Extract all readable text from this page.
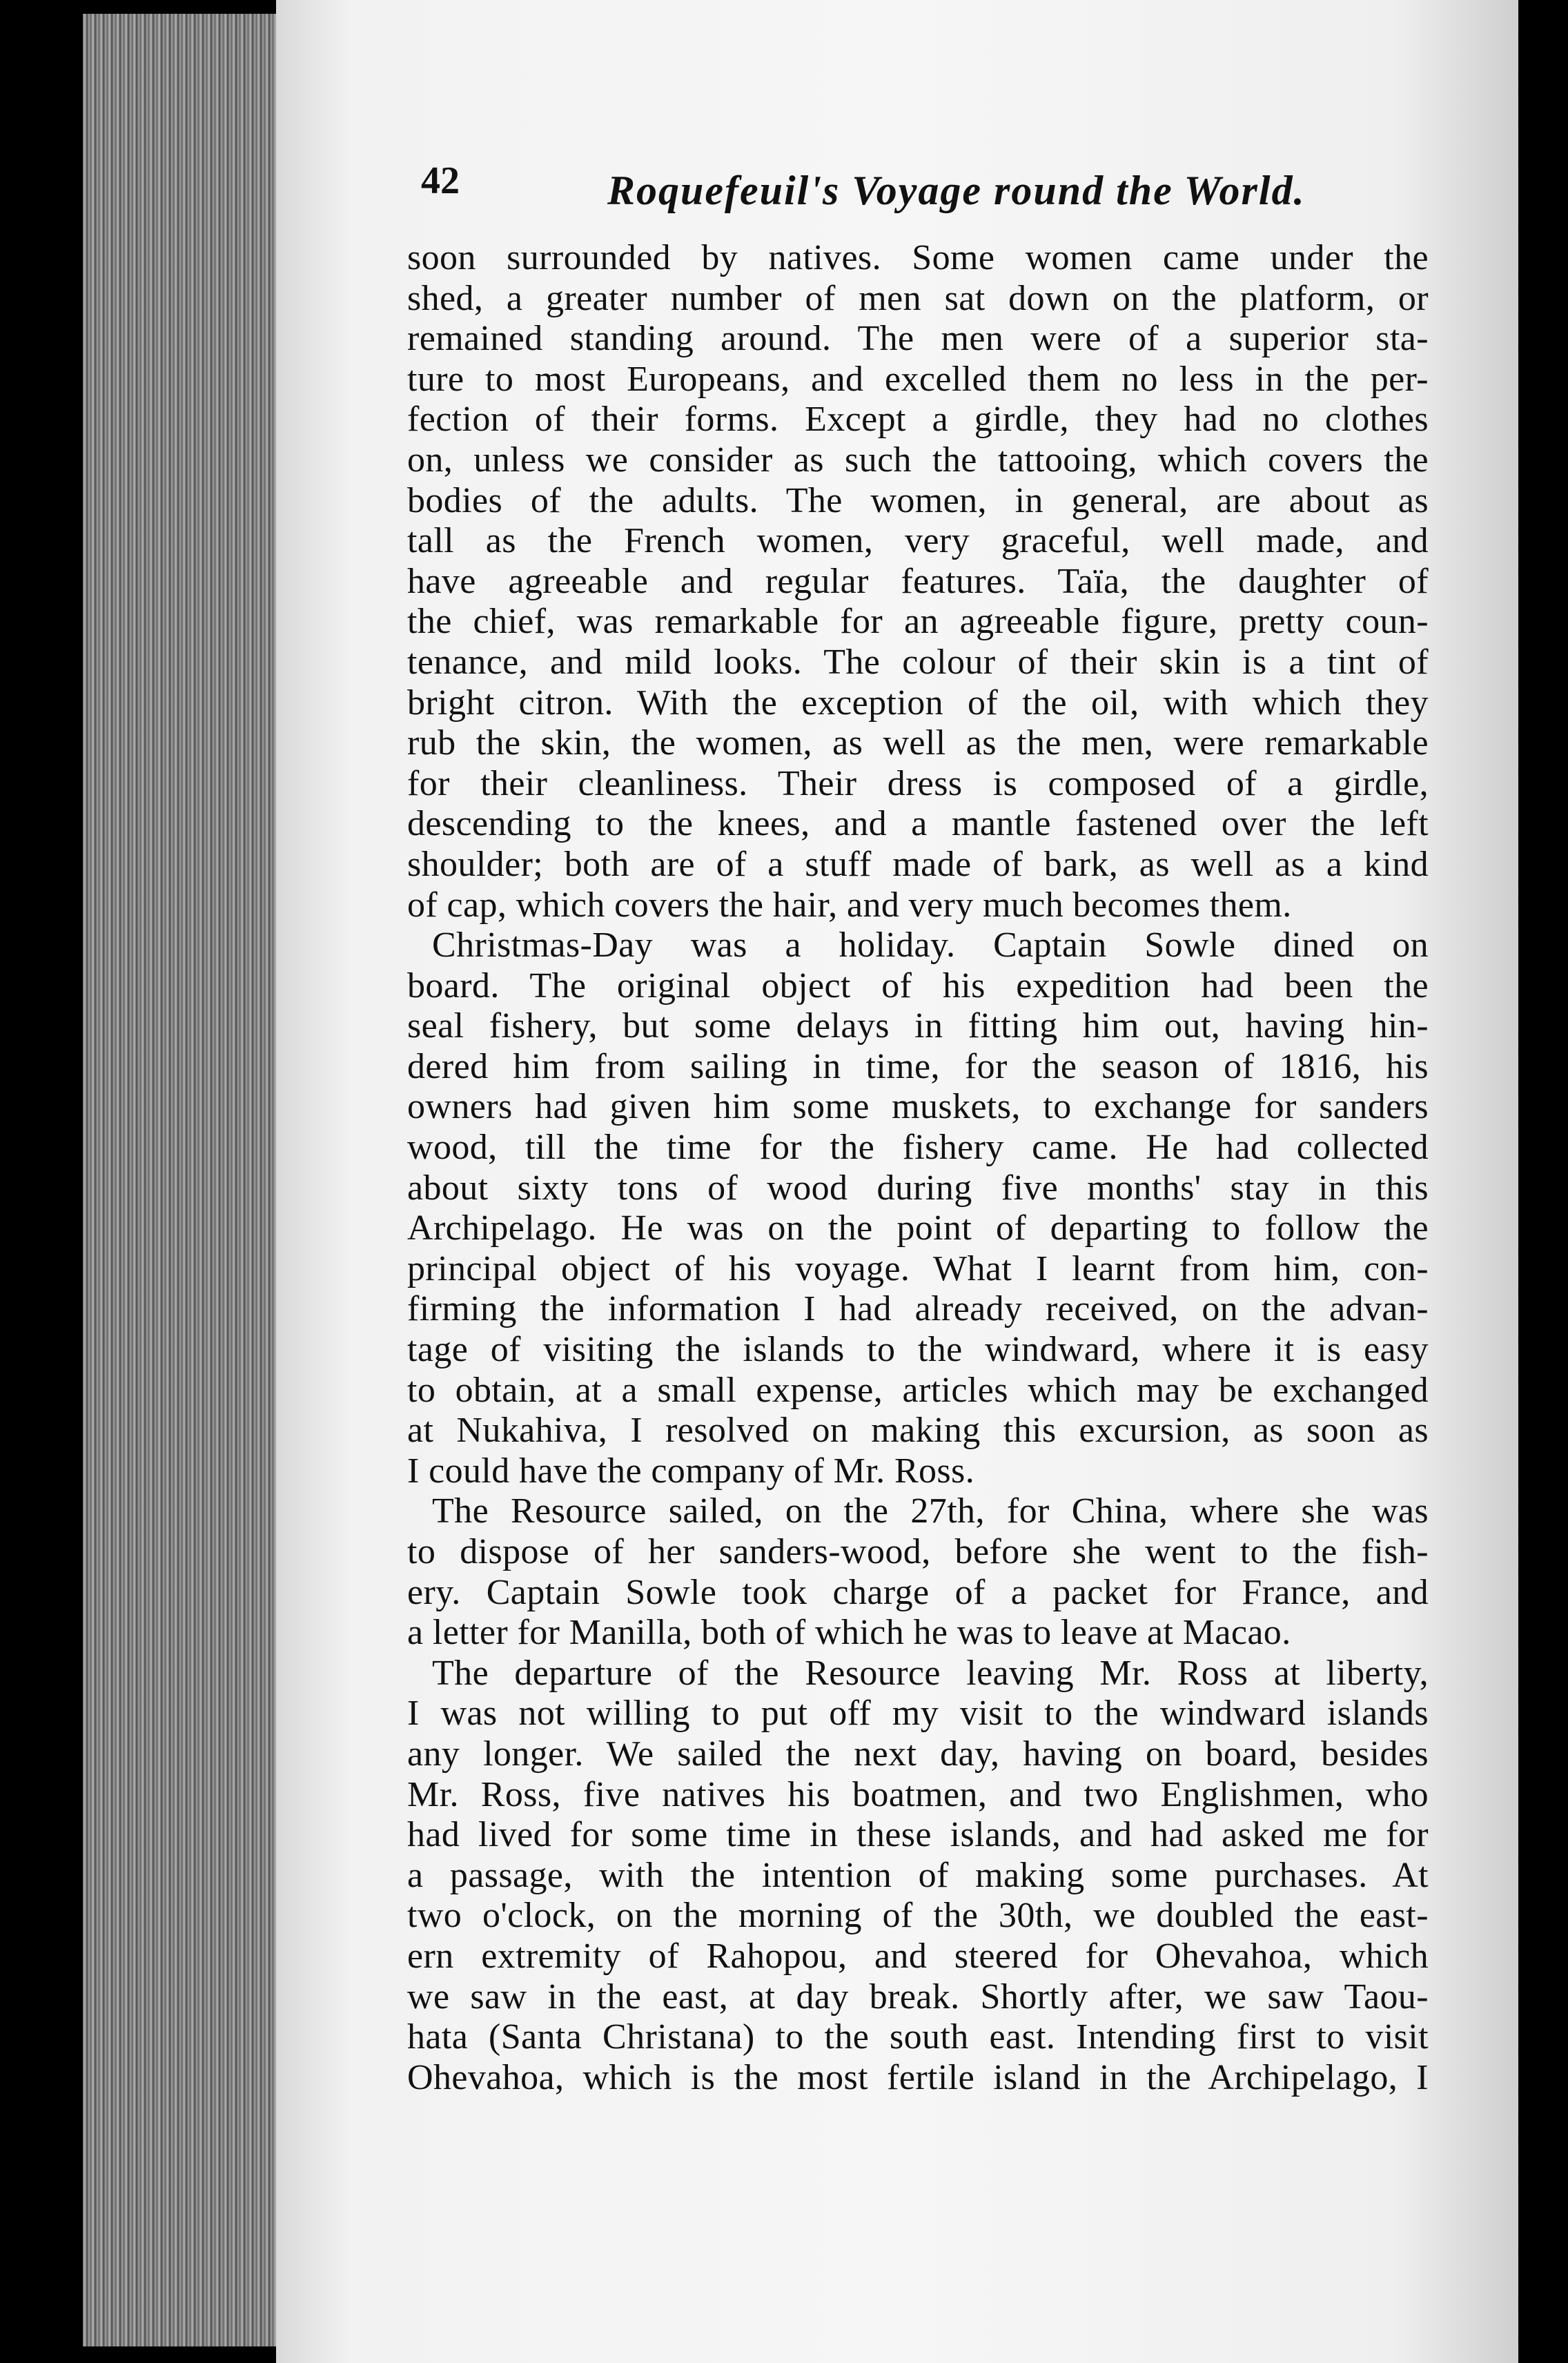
42	Roquefeuil's Voyage round the World.
soon surrounded by natives. Some women came under the
shed, a greater number of men sat down on the platform, or
remained standing around. The men were of a superior sta-
ture to most Europeans, and excelled them no less in the per-
fection of their forms. Except a girdle, they had no clothes
on, unless we consider as such the tattooing, which covers the
bodies of the adults. The women, in general, are about as
tall as the French women, very graceful, well made, and
have agreeable and regular features. Taïa, the daughter of
the chief, was remarkable for an agreeable figure, pretty coun-
tenance, and mild looks. The colour of their skin is a tint of
bright citron. With the exception of the oil, with which they
rub the skin, the women, as well as the men, were remarkable
for their cleanliness. Their dress is composed of a girdle,
descending to the knees, and a mantle fastened over the left
shoulder; both are of a stuff made of bark, as well as a kind
of cap, which covers the hair, and very much becomes them.
Christmas-Day was a holiday. Captain Sowle dined on
board. The original object of his expedition had been the
seal fishery, but some delays in fitting him out, having hin-
dered him from sailing in time, for the season of 1816, his
owners had given him some muskets, to exchange for sanders
wood, till the time for the fishery came. He had collected
about sixty tons of wood during five months' stay in this
Archipelago. He was on the point of departing to follow the
principal object of his voyage. What I learnt from him, con-
firming the information I had already received, on the advan-
tage of visiting the islands to the windward, where it is easy
to obtain, at a small expense, articles which may be exchanged
at Nukahiva, I resolved on making this excursion, as soon as
I could have the company of Mr. Ross.
The Resource sailed, on the 27th, for China, where she was
to dispose of her sanders-wood, before she went to the fish-
ery. Captain Sowle took charge of a packet for France, and
a letter for Manilla, both of which he was to leave at Macao.
The departure of the Resource leaving Mr. Ross at liberty,
I was not willing to put off my visit to the windward islands
any longer. We sailed the next day, having on board, besides
Mr. Ross, five natives his boatmen, and two Englishmen, who
had lived for some time in these islands, and had asked me for
a passage, with the intention of making some purchases. At
two o'clock, on the morning of the 30th, we doubled the east-
ern extremity of Rahopou, and steered for Ohevahoa, which
we saw in the east, at day break. Shortly after, we saw Taou-
hata (Santa Christana) to the south east. Intending first to visit
Ohevahoa, which is the most fertile island in the Archipelago, I
